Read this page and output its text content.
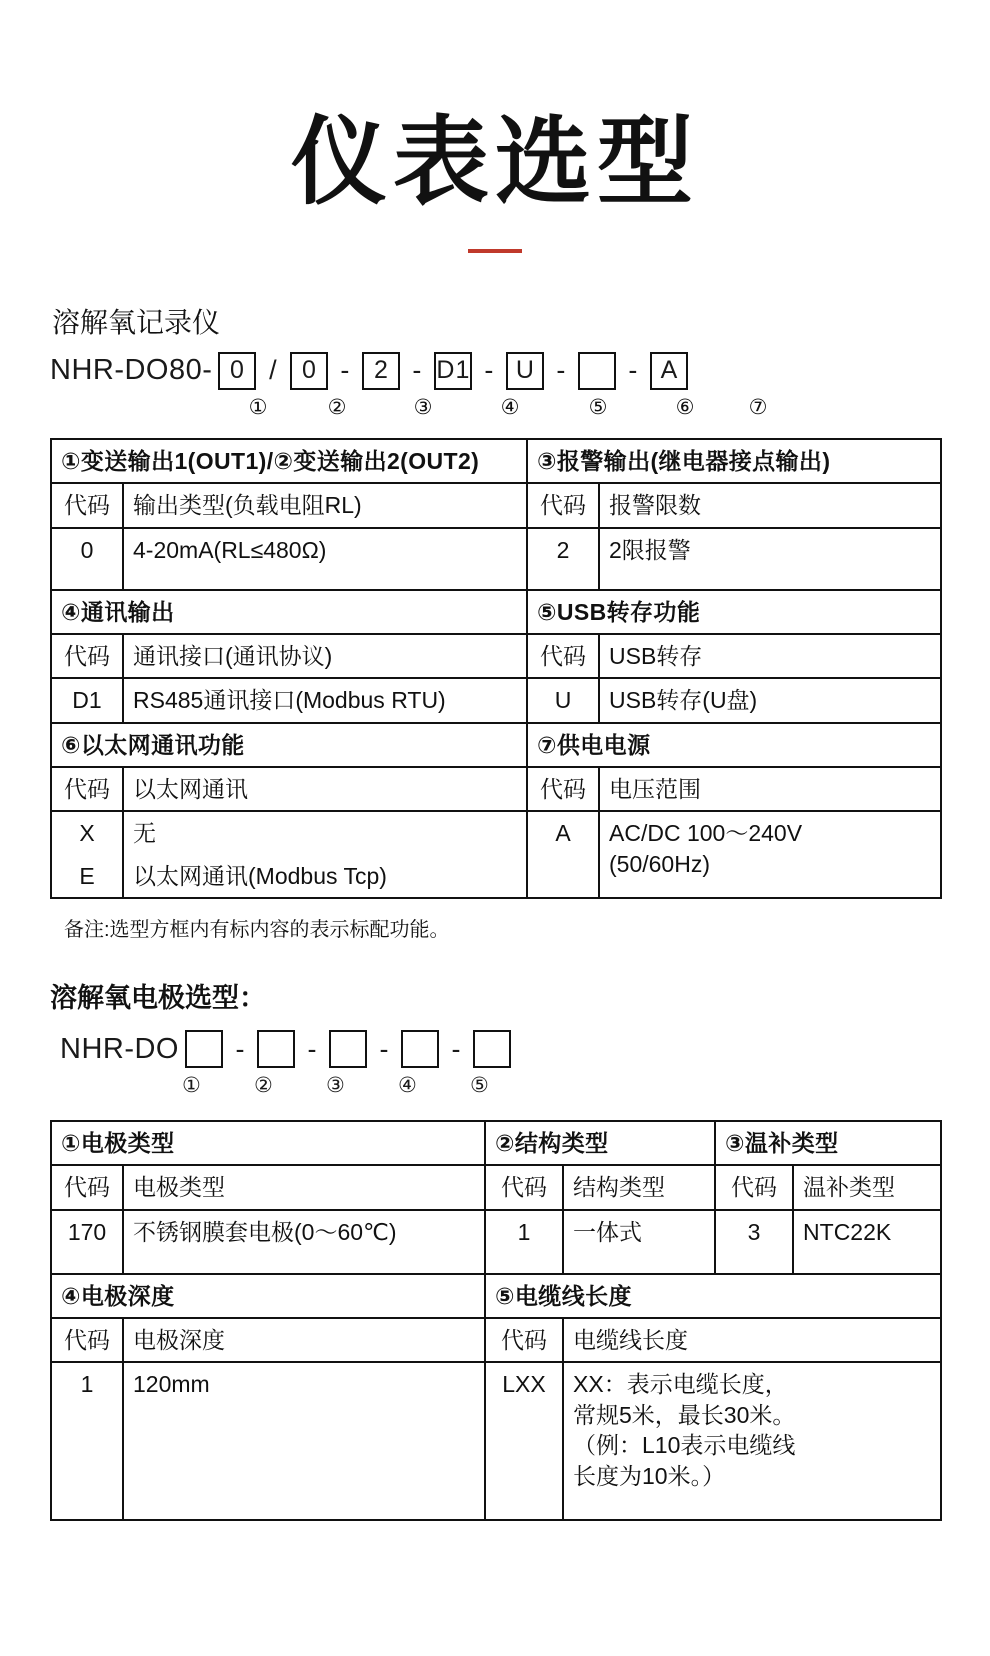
仪表选型
溶解氧记录仪
NHR-DO80- 0 / 0 - 2 - D1 - U -	- A
①	②	③	④	⑤	⑥	⑦
①变送输出1(OUT1)/②变送输出2(OUT2)		③报警输出(继电器接点输出)	
代码	输出类型(负载电阻RL)	代码	报警限数
0	4-20mA(RL≤480Ω)	2	2限报警
④通讯输出		⑤USB转存功能	
代码	通讯接口(通讯协议)	代码	USB转存
D1	RS485通讯接口(Modbus RTU)	U	USB转存(U盘)
⑥以太网通讯功能		⑦供电电源	
代码	以太网通讯	代码	电压范围
X	无	A	AC/DC 100～240V
(50/60Hz)

E	以太网通讯(Modbus Tcp)		
备注:选型方框内有标内容的表示标配功能。
溶解氧电极选型：
NHR-DO	-	-	-	-
①	②	③	④	⑤
①电极类型		②结构类型		③温补类型	
代码	电极类型	代码	结构类型	代码	温补类型
170	不锈钢膜套电极(0～60℃)	1	一体式	3	NTC22K
④电极深度		⑤电缆线长度			
代码	电极深度	代码	电缆线长度		
1	120mm	LXX	XX：表示电缆长度，
常规5米，最长30米。
（例：L10表示电缆线
长度为10米。）		
